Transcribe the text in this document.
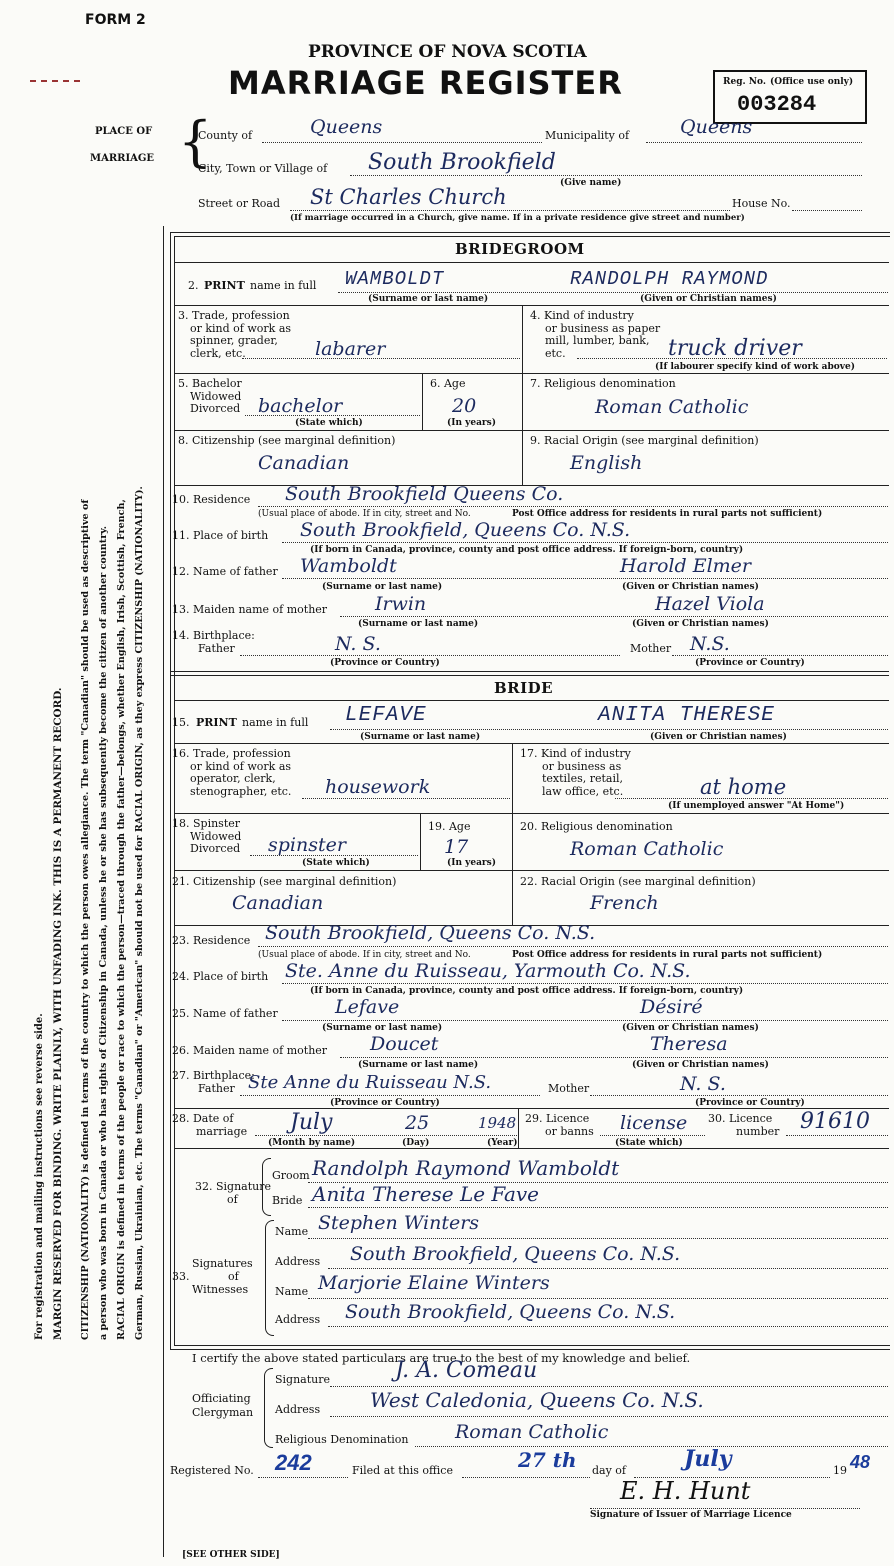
FORM 2
PROVINCE OF NOVA SCOTIA
MARRIAGE REGISTER	Reg. No. (Office use only)
003284
PLACE OF
MARRIAGE {
County of	Queens	Municipality of	Queens
City, Town or Village of South Brookfield
(Give name)
Street or Road St Charles Church	House No.
(If marriage occurred in a Church, give name. If in a private residence give street and number)
For registration and mailing instructions see reverse side. MARGIN RESERVED FOR BINDING. WRITE PLAINLY, WITH UNFADING INK. THIS IS A PERMANENT RECORD. CITIZENSHIP (NATIONALITY) is defined in terms of the country to which the person owes allegiance. The term "Canadian" should be used as descriptive of a person who was born in Canada or who has rights of Citizenship in Canada, unless he or she has subsequently become the citizen of another country. RACIAL ORIGIN is defined in terms of the people or race to which the person—traced through the father—belongs, whether English, Irish, Scottish, French, German, Russian, Ukrainian, etc. The terms "Canadian" or "American" should not be used for RACIAL ORIGIN, as they express CITIZENSHIP (NATIONALITY).
BRIDEGROOM
2. PRINT name in full WAMBOLDT	RANDOLPH RAYMOND
(Surname or last name)	(Given or Christian names)
3. Trade, profession
or kind of work as
spinner, grader,
clerk, etc.	labarer
4. Kind of industry
or business as paper
mill, lumber, bank,
etc.	truck driver
(If labourer specify kind of work above)
5. Bachelor
Widowed
Divorced bachelor
(State which)
6. Age
20
(In years)
7. Religious denomination
Roman Catholic
8. Citizenship (see marginal definition)
Canadian
9. Racial Origin (see marginal definition)
English
10. Residence South Brookfield Queens Co.
(Usual place of abode. If in city, street and No.	Post Office address for residents in rural parts not sufficient)
11. Place of birth South Brookfield, Queens Co. N.S.
(If born in Canada, province, county and post office address. If foreign-born, country)
12. Name of father Wamboldt	Harold Elmer
(Surname or last name)	(Given or Christian names)
13. Maiden name of mother	Irwin	Hazel Viola
(Surname or last name)	(Given or Christian names)
14. Birthplace:
Father	N. S.	Mother N.S.
(Province or Country)	(Province or Country)
BRIDE
15. PRINT name in full LEFAVE	ANITA THERESE
(Surname or last name)	(Given or Christian names)
16. Trade, profession
or kind of work as
operator, clerk,
stenographer, etc. housework
17. Kind of industry
or business as
textiles, retail,
law office, etc.	at home
(If unemployed answer "At Home")
18. Spinster
Widowed
Divorced spinster
(State which)
19. Age
17
(In years)
20. Religious denomination
Roman Catholic
21. Citizenship (see marginal definition)
Canadian
22. Racial Origin (see marginal definition)
French
23. Residence South Brookfield, Queens Co. N.S.
(Usual place of abode. If in city, street and No.	Post Office address for residents in rural parts not sufficient)
24. Place of birth Ste. Anne du Ruisseau, Yarmouth Co. N.S.
(If born in Canada, province, county and post office address. If foreign-born, country)
25. Name of father	Lefave	Désiré
(Surname or last name)	(Given or Christian names)
26. Maiden name of mother Doucet	Theresa
(Surname or last name)	(Given or Christian names)
27. Birthplace:
Father Ste Anne du Ruisseau N.S.	Mother	N. S.
(Province or Country)	(Province or Country)
28. Date of
marriage July	25	1948
(Month by name)	(Day)	(Year)
29. Licence
or banns license
(State which)
30. Licence
number 91610
32. Signature
of
Groom Randolph Raymond Wamboldt
Bride Anita Therese Le Fave
Signatures
33.           of
Witnesses
Name Stephen Winters
Address South Brookfield, Queens Co. N.S.
Name Marjorie Elaine Winters
Address South Brookfield, Queens Co. N.S.
I certify the above stated particulars are true to the best of my knowledge and belief.
Officiating
Clergyman
Signature	J. A. Comeau
Address West Caledonia, Queens Co. N.S.
Religious Denomination Roman Catholic
Registered No. 242	Filed at this office	27 th day of	July	19 48
E. H. Hunt
Signature of Issuer of Marriage Licence
[SEE OTHER SIDE]
